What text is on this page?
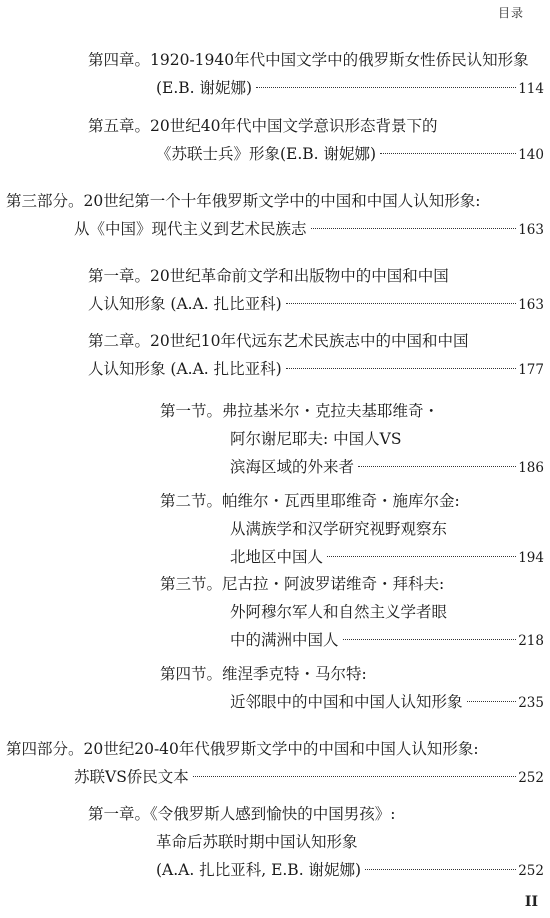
目录
第四章。1920-1940年代中国文学中的俄罗斯女性侨民认知形象
(E.B. 谢妮娜)	114
第五章。20世纪40年代中国文学意识形态背景下的
《苏联士兵》形象(E.B. 谢妮娜)	140
第三部分。20世纪第一个十年俄罗斯文学中的中国和中国人认知形象:
从《中国》现代主义到艺术民族志	163
第一章。20世纪革命前文学和出版物中的中国和中国
人认知形象 (A.A. 扎比亚科)	163
第二章。20世纪10年代远东艺术民族志中的中国和中国
人认知形象 (A.A. 扎比亚科)	177
第一节。弗拉基米尔・克拉夫基耶维奇・
阿尔谢尼耶夫: 中国人VS
滨海区域的外来者	186
第二节。帕维尔・瓦西里耶维奇・施库尔金:
从满族学和汉学研究视野观察东
北地区中国人	194
第三节。尼古拉・阿波罗诺维奇・拜科夫:
外阿穆尔军人和自然主义学者眼
中的满洲中国人	218
第四节。维涅季克特・马尔特:
近邻眼中的中国和中国人认知形象	235
第四部分。20世纪20-40年代俄罗斯文学中的中国和中国人认知形象:
苏联VS侨民文本	252
第一章。《令俄罗斯人感到愉快的中国男孩》:
革命后苏联时期中国认知形象
(A.A. 扎比亚科, E.B. 谢妮娜)	252
II
